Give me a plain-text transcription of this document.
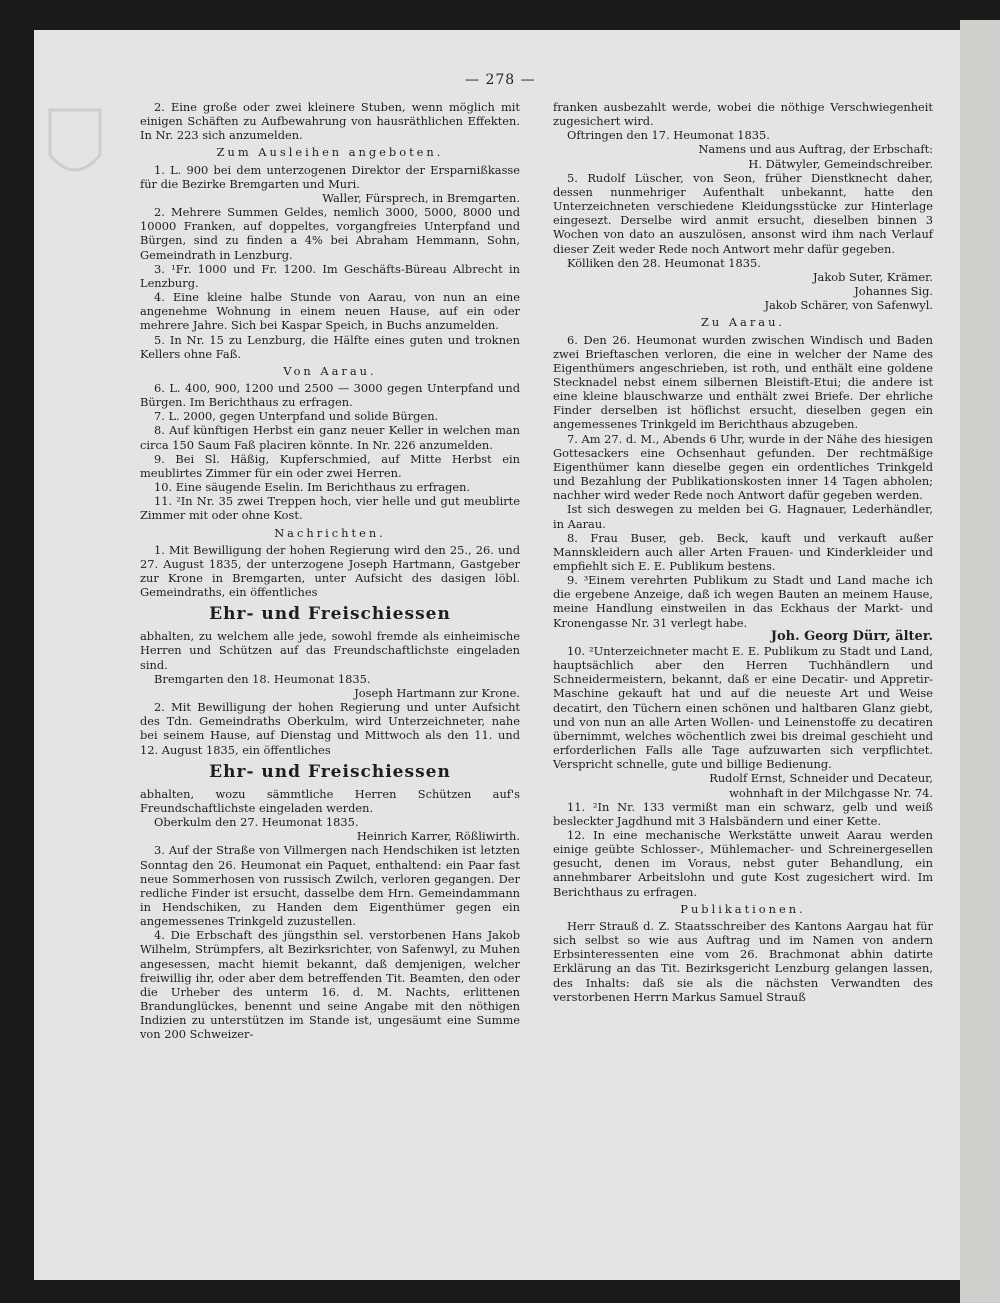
— 278 —

2. Eine große oder zwei kleinere Stuben, wenn möglich mit einigen Schäften zu Aufbewahrung von hausräthlichen Effekten. In Nr. 223 sich anzumelden.

Zum Ausleihen angeboten.

1. L. 900 bei dem unterzogenen Direktor der Ersparnißkasse für die Bezirke Bremgarten und Muri.

Waller, Fürsprech, in Bremgarten.

2. Mehrere Summen Geldes, nemlich 3000, 5000, 8000 und 10000 Franken, auf doppeltes, vorgangfreies Unterpfand und Bürgen, sind zu finden a 4% bei Abraham Hemmann, Sohn, Gemeindrath in Lenzburg.

3. ¹Fr. 1000 und Fr. 1200. Im Geschäfts-Büreau Albrecht in Lenzburg.

4. Eine kleine halbe Stunde von Aarau, von nun an eine angenehme Wohnung in einem neuen Hause, auf ein oder mehrere Jahre. Sich bei Kaspar Speich, in Buchs anzumelden.

5. In Nr. 15 zu Lenzburg, die Hälfte eines guten und troknen Kellers ohne Faß.

Von Aarau.

6. L. 400, 900, 1200 und 2500 — 3000 gegen Unterpfand und Bürgen. Im Berichthaus zu erfragen.

7. L. 2000, gegen Unterpfand und solide Bürgen.

8. Auf künftigen Herbst ein ganz neuer Keller in welchen man circa 150 Saum Faß placiren könnte. In Nr. 226 anzumelden.

9. Bei Sl. Häßig, Kupferschmied, auf Mitte Herbst ein meublirtes Zimmer für ein oder zwei Herren.

10. Eine säugende Eselin. Im Berichthaus zu erfragen.

11. ²In Nr. 35 zwei Treppen hoch, vier helle und gut meublirte Zimmer mit oder ohne Kost.

Nachrichten.

1. Mit Bewilligung der hohen Regierung wird den 25., 26. und 27. August 1835, der unterzogene Joseph Hartmann, Gastgeber zur Krone in Bremgarten, unter Aufsicht des dasigen löbl. Gemeindraths, ein öffentliches

Ehr- und Freischiessen

abhalten, zu welchem alle jede, sowohl fremde als einheimische Herren und Schützen auf das Freundschaftlichste eingeladen sind.

Bremgarten den 18. Heumonat 1835.

Joseph Hartmann zur Krone.

2. Mit Bewilligung der hohen Regierung und unter Aufsicht des Tdn. Gemeindraths Oberkulm, wird Unterzeichneter, nahe bei seinem Hause, auf Dienstag und Mittwoch als den 11. und 12. August 1835, ein öffentliches

Ehr- und Freischiessen

abhalten, wozu sämmtliche Herren Schützen auf's Freundschaftlichste eingeladen werden.

Oberkulm den 27. Heumonat 1835.

Heinrich Karrer, Rößliwirth.

3. Auf der Straße von Villmergen nach Hendschiken ist letzten Sonntag den 26. Heumonat ein Paquet, enthaltend: ein Paar fast neue Sommerhosen von russisch Zwilch, verloren gegangen. Der redliche Finder ist ersucht, dasselbe dem Hrn. Gemeindammann in Hendschiken, zu Handen dem Eigenthümer gegen ein angemessenes Trinkgeld zuzustellen.

4. Die Erbschaft des jüngsthin sel. verstorbenen Hans Jakob Wilhelm, Strümpfers, alt Bezirksrichter, von Safenwyl, zu Muhen angesessen, macht hiemit bekannt, daß demjenigen, welcher freiwillig ihr, oder aber dem betreffenden Tit. Beamten, den oder die Urheber des unterm 16. d. M. Nachts, erlittenen Brandunglückes, benennt und seine Angabe mit den nöthigen Indizien zu unterstützen im Stande ist, ungesäumt eine Summe von 200 Schweizer-

franken ausbezahlt werde, wobei die nöthige Verschwiegenheit zugesichert wird.

Oftringen den 17. Heumonat 1835.

Namens und aus Auftrag, der Erbschaft:

H. Dätwyler, Gemeindschreiber.

5. Rudolf Lüscher, von Seon, früher Dienstknecht daher, dessen nunmehriger Aufenthalt unbekannt, hatte den Unterzeichneten verschiedene Kleidungsstücke zur Hinterlage eingesezt. Derselbe wird anmit ersucht, dieselben binnen 3 Wochen von dato an auszulösen, ansonst wird ihm nach Verlauf dieser Zeit weder Rede noch Antwort mehr dafür gegeben.

Kölliken den 28. Heumonat 1835.

Jakob Suter, Krämer.

Johannes Sig.

Jakob Schärer, von Safenwyl.

Zu Aarau.

6. Den 26. Heumonat wurden zwischen Windisch und Baden zwei Brieftaschen verloren, die eine in welcher der Name des Eigenthümers angeschrieben, ist roth, und enthält eine goldene Stecknadel nebst einem silbernen Bleistift-Etui; die andere ist eine kleine blauschwarze und enthält zwei Briefe. Der ehrliche Finder derselben ist höflichst ersucht, dieselben gegen ein angemessenes Trinkgeld im Berichthaus abzugeben.

7. Am 27. d. M., Abends 6 Uhr, wurde in der Nähe des hiesigen Gottesackers eine Ochsenhaut gefunden. Der rechtmäßige Eigenthümer kann dieselbe gegen ein ordentliches Trinkgeld und Bezahlung der Publikationskosten inner 14 Tagen abholen; nachher wird weder Rede noch Antwort dafür gegeben werden.

Ist sich deswegen zu melden bei G. Hagnauer, Lederhändler, in Aarau.

8. Frau Buser, geb. Beck, kauft und verkauft außer Mannskleidern auch aller Arten Frauen- und Kinderkleider und empfiehlt sich E. E. Publikum bestens.

9. ³Einem verehrten Publikum zu Stadt und Land mache ich die ergebene Anzeige, daß ich wegen Bauten an meinem Hause, meine Handlung einstweilen in das Eckhaus der Markt- und Kronengasse Nr. 31 verlegt habe.

Joh. Georg Dürr, älter.

10. ²Unterzeichneter macht E. E. Publikum zu Stadt und Land, hauptsächlich aber den Herren Tuchhändlern und Schneidermeistern, bekannt, daß er eine Decatir- und Appretir-Maschine gekauft hat und auf die neueste Art und Weise decatirt, den Tüchern einen schönen und haltbaren Glanz giebt, und von nun an alle Arten Wollen- und Leinenstoffe zu decatiren übernimmt, welches wöchentlich zwei bis dreimal geschieht und erforderlichen Falls alle Tage aufzuwarten sich verpflichtet. Verspricht schnelle, gute und billige Bedienung.

Rudolf Ernst, Schneider und Decateur,

wohnhaft in der Milchgasse Nr. 74.

11. ²In Nr. 133 vermißt man ein schwarz, gelb und weiß besleckter Jagdhund mit 3 Halsbändern und einer Kette.

12. In eine mechanische Werkstätte unweit Aarau werden einige geübte Schlosser-, Mühlemacher- und Schreinergesellen gesucht, denen im Voraus, nebst guter Behandlung, ein annehmbarer Arbeitslohn und gute Kost zugesichert wird. Im Berichthaus zu erfragen.

Publikationen.

Herr Strauß d. Z. Staatsschreiber des Kantons Aargau hat für sich selbst so wie aus Auftrag und im Namen von andern Erbsinteressenten eine vom 26. Brachmonat abhin datirte Erklärung an das Tit. Bezirksgericht Lenzburg gelangen lassen, des Inhalts: daß sie als die nächsten Verwandten des verstorbenen Herrn Markus Samuel Strauß
